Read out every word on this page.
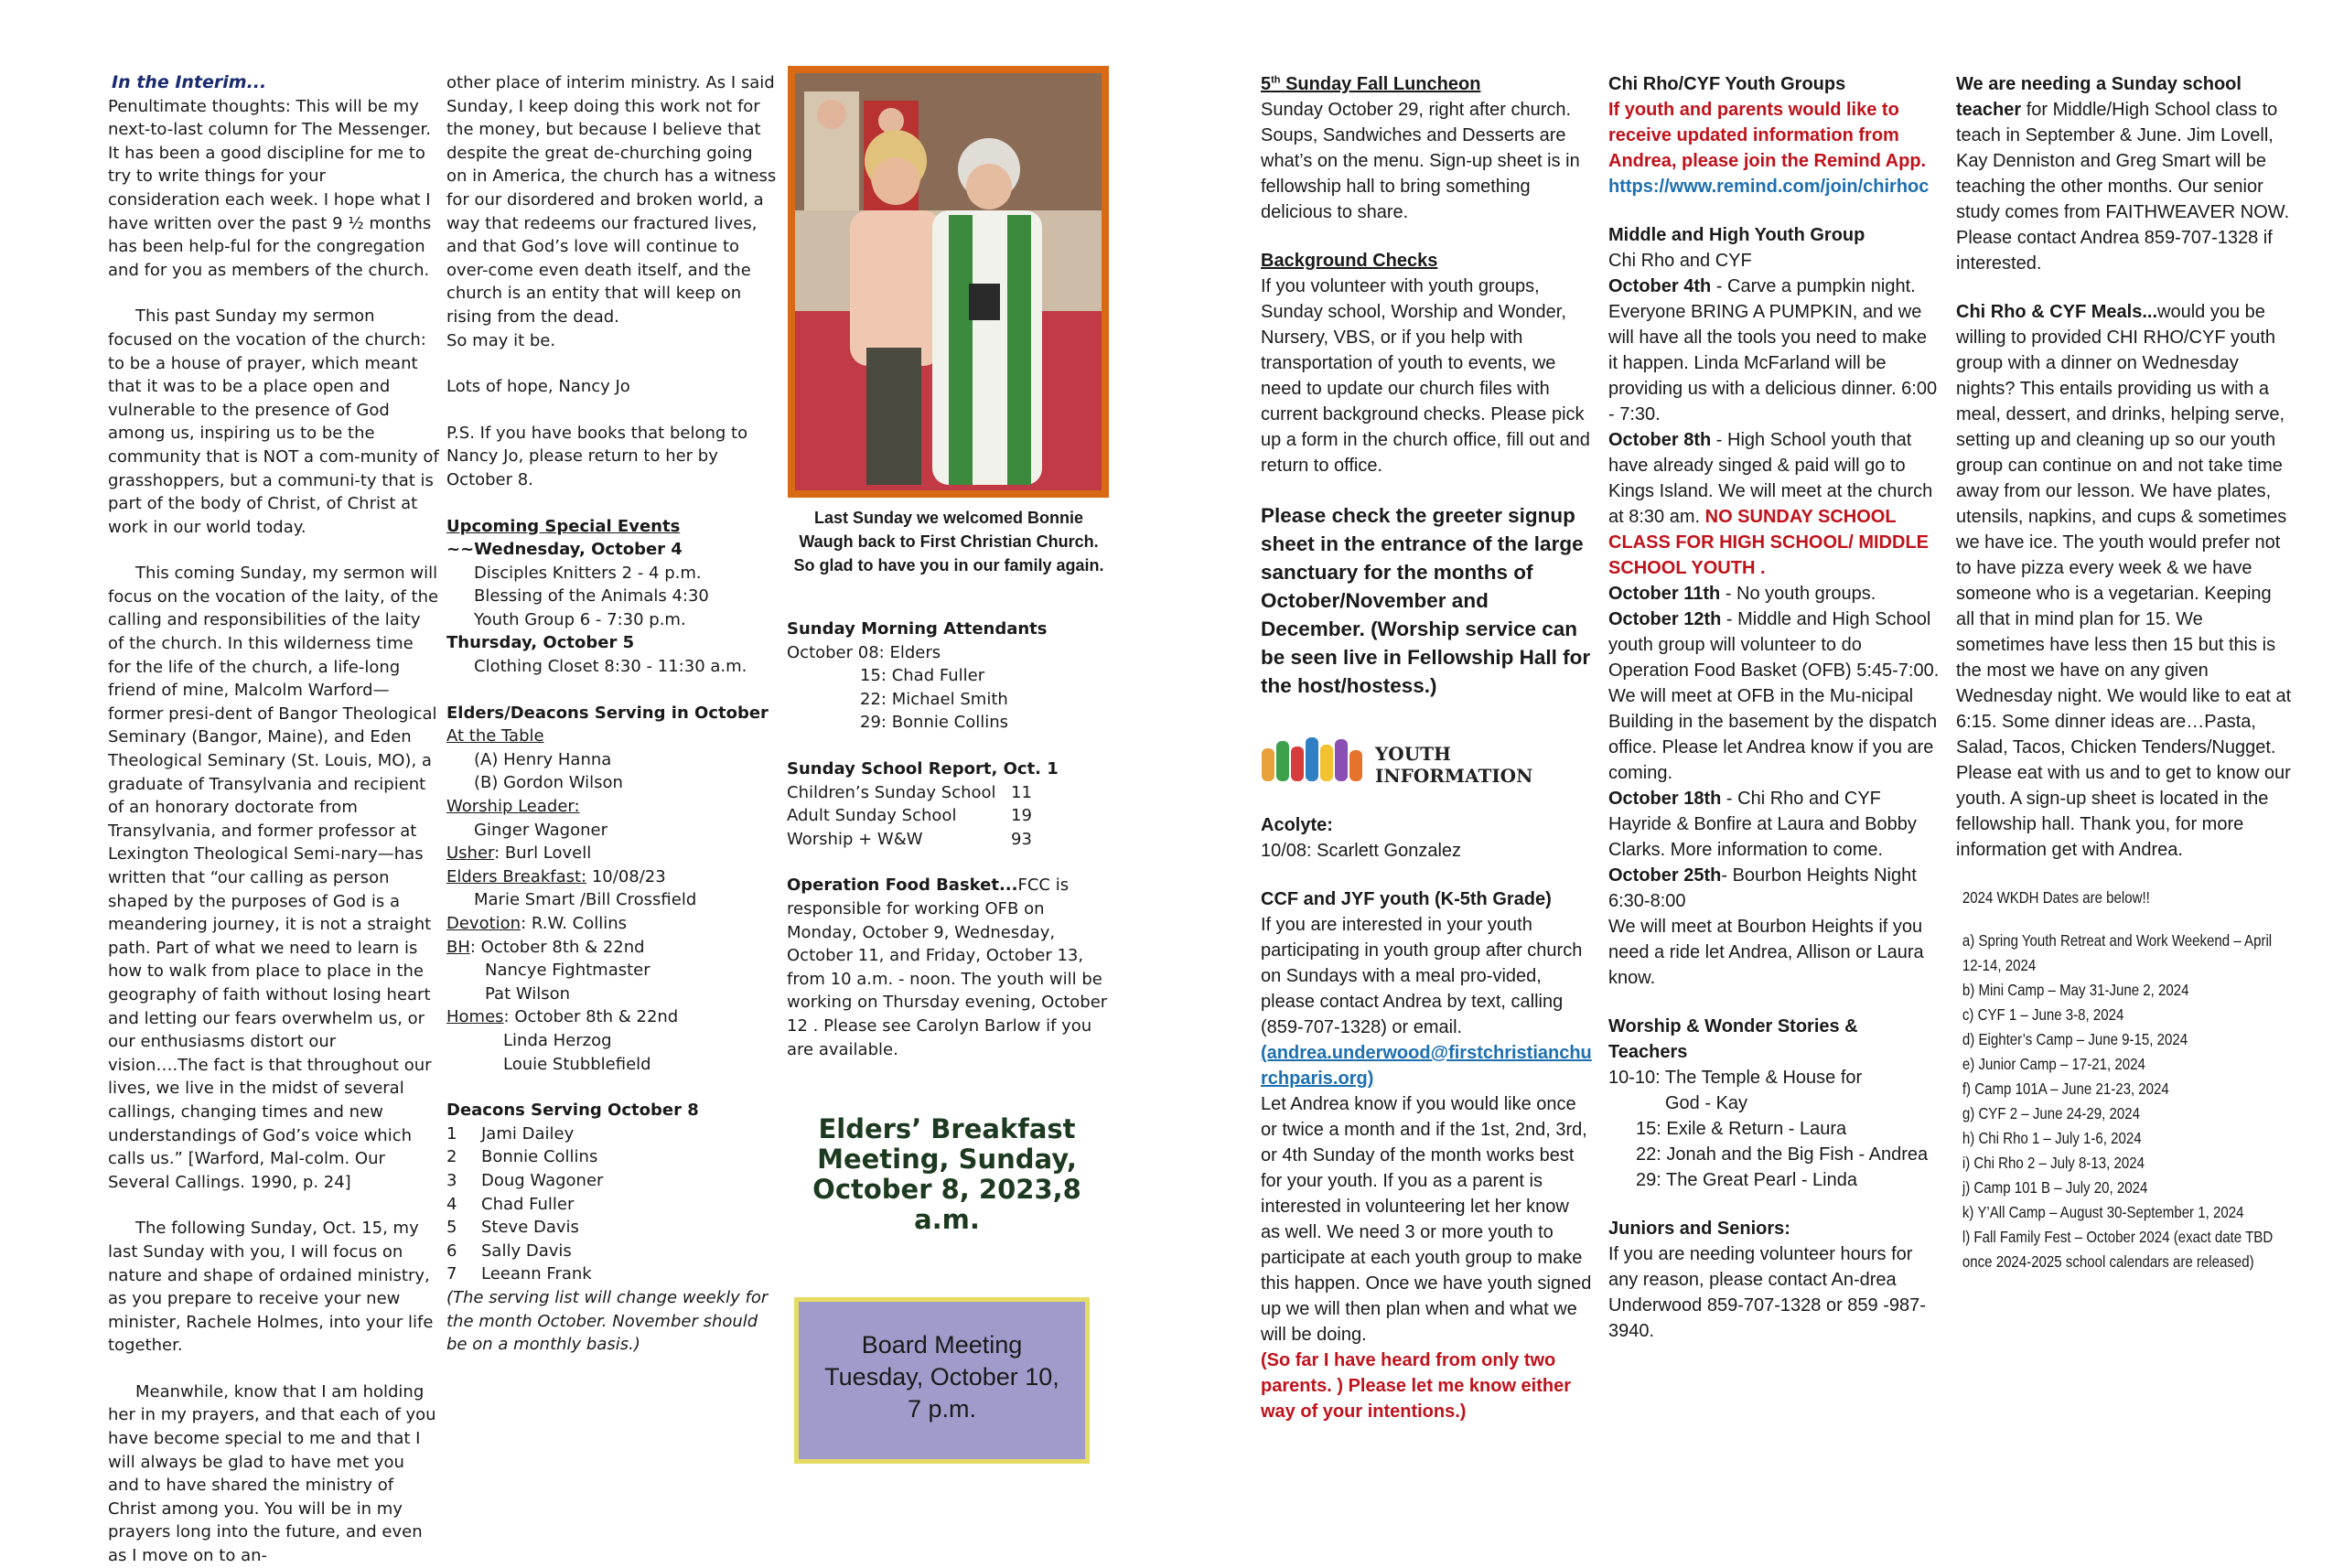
In the Interim...

Penultimate thoughts: This will be my next-to-last column for The Messenger. It has been a good discipline for me to try to write things for your consideration each week. I hope what I have written over the past 9 ½ months has been help-ful for the congregation and for you as members of the church.

This past Sunday my sermon focused on the vocation of the church: to be a house of prayer, which meant that it was to be a place open and vulnerable to the presence of God among us, inspiring us to be the community that is NOT a com-munity of grasshoppers, but a communi-ty that is part of the body of Christ, of Christ at work in our world today.

This coming Sunday, my sermon will focus on the vocation of the laity, of the calling and responsibilities of the laity of the church. In this wilderness time for the life of the church, a life-long friend of mine, Malcolm Warford—former presi-dent of Bangor Theological Seminary (Bangor, Maine), and Eden Theological Seminary (St. Louis, MO), a graduate of Transylvania and recipient of an honorary doctorate from Transylvania, and former professor at Lexington Theological Semi-nary—has written that “our calling as person shaped by the purposes of God is a meandering journey, it is not a straight path. Part of what we need to learn is how to walk from place to place in the geography of faith without losing heart and letting our fears overwhelm us, or our enthusiasms distort our vision….The fact is that throughout our lives, we live in the midst of several callings, changing times and new understandings of God’s voice which calls us.” [Warford, Mal-colm. Our Several Callings. 1990, p. 24]

The following Sunday, Oct. 15, my last Sunday with you, I will focus on nature and shape of ordained ministry, as you prepare to receive your new minister, Rachele Holmes, into your life together.

Meanwhile, know that I am holding her in my prayers, and that each of you have become special to me and that I will always be glad to have met you and to have shared the ministry of Christ among you. You will be in my prayers long into the future, and even as I move on to an-

other place of interim ministry. As I said Sunday, I keep doing this work not for the money, but because I believe that despite the great de-churching going on in America, the church has a witness for our disordered and broken world, a way that redeems our fractured lives, and that God’s love will continue to over-come even death itself, and the church is an entity that will keep on rising from the dead.

So may it be.

Lots of hope, Nancy Jo

P.S. If you have books that belong to Nancy Jo, please return to her by October 8.

Upcoming Special Events

~~Wednesday, October 4

Disciples Knitters 2 - 4 p.m.

Blessing of the Animals 4:30

Youth Group 6 - 7:30 p.m.

Thursday, October 5

Clothing Closet 8:30 - 11:30 a.m.

Elders/Deacons Serving in October

At the Table

(A) Henry Hanna

(B) Gordon Wilson

Worship Leader:

Ginger Wagoner

Usher: Burl Lovell

Elders Breakfast: 10/08/23

Marie Smart /Bill Crossfield

Devotion: R.W. Collins

BH: October 8th & 22nd

Nancye Fightmaster

Pat Wilson

Homes: October 8th & 22nd

Linda Herzog

Louie Stubblefield

Deacons Serving October 8

1 Jami Dailey

2 Bonnie Collins

3 Doug Wagoner

4 Chad Fuller

5 Steve Davis

6 Sally Davis

7 Leeann Frank

(The serving list will change weekly for the month October. November should be on a monthly basis.)

Last Sunday we welcomed Bonnie Waugh back to First Christian Church. So glad to have you in our family again.

Sunday Morning Attendants

October 08: Elders

15: Chad Fuller

22: Michael Smith

29: Bonnie Collins

Sunday School Report, Oct. 1

Children’s Sunday School 11

Adult Sunday School	19

Worship + W&W	93

Operation Food Basket...FCC is responsible for working OFB on Monday, October 9, Wednesday, October 11, and Friday, October 13, from 10 a.m. - noon. The youth will be working on Thursday evening, October 12 . Please see Carolyn Barlow if you are available.

Elders’ Breakfast Meeting, Sunday, October 8, 2023,8 a.m.
Board Meeting
Tuesday, October 10,
7 p.m.

5th Sunday Fall Luncheon

Sunday October 29, right after church. Soups, Sandwiches and Desserts are what’s on the menu. Sign-up sheet is in fellowship hall to bring something delicious to share.

Background Checks

If you volunteer with youth groups, Sunday school, Worship and Wonder, Nursery, VBS, or if you help with transportation of youth to events, we need to update our church files with current background checks. Please pick up a form in the church office, fill out and return to office.

Please check the greeter signup sheet in the entrance of the large sanctuary for the months of October/November and December. (Worship service can be seen live in Fellowship Hall for the host/hostess.)

YOUTH INFORMATION

Acolyte:

10/08: Scarlett Gonzalez

CCF and JYF youth (K-5th Grade)

If you are interested in your youth participating in youth group after church on Sundays with a meal pro-vided, please contact Andrea by text, calling (859-707-1328) or email.

(andrea.underwood@firstchristianchurchparis.org)

Let Andrea know if you would like once or twice a month and if the 1st, 2nd, 3rd, or 4th Sunday of the month works best for your youth. If you as a parent is interested in volunteering let her know as well. We need 3 or more youth to participate at each youth group to make this happen. Once we have youth signed up we will then plan when and what we will be doing.

(So far I have heard from only two parents. ) Please let me know either way of your intentions.)

Chi Rho/CYF Youth Groups

If youth and parents would like to receive updated information from Andrea, please join the Remind App.

https://www.remind.com/join/chirhoc

Middle and High Youth Group

Chi Rho and CYF

October 4th - Carve a pumpkin night. Everyone BRING A PUMPKIN, and we will have all the tools you need to make it happen. Linda McFarland will be providing us with a delicious dinner. 6:00 - 7:30.

October 8th - High School youth that have already singed & paid will go to Kings Island. We will meet at the church at 8:30 am. NO SUNDAY SCHOOL CLASS FOR HIGH SCHOOL/ MIDDLE SCHOOL YOUTH .

October 11th - No youth groups.

October 12th - Middle and High School youth group will volunteer to do Operation Food Basket (OFB) 5:45-7:00. We will meet at OFB in the Mu-nicipal Building in the basement by the dispatch office. Please let Andrea know if you are coming.

October 18th - Chi Rho and CYF Hayride & Bonfire at Laura and Bobby Clarks. More information to come.

October 25th- Bourbon Heights Night 6:30-8:00

We will meet at Bourbon Heights if you need a ride let Andrea, Allison or Laura know.

Worship & Wonder Stories & Teachers

10-10: The Temple & House for

God - Kay

15: Exile & Return - Laura

22: Jonah and the Big Fish - Andrea

29: The Great Pearl - Linda

Juniors and Seniors:

If you are needing volunteer hours for any reason, please contact An-drea Underwood 859-707-1328 or 859 -987-3940.

We are needing a Sunday school teacher for Middle/High School class to teach in September & June. Jim Lovell, Kay Denniston and Greg Smart will be teaching the other months. Our senior study comes from FAITHWEAVER NOW. Please contact Andrea 859-707-1328 if interested.

Chi Rho & CYF Meals...would you be willing to provided CHI RHO/CYF youth group with a dinner on Wednesday nights? This entails providing us with a meal, dessert, and drinks, helping serve, setting up and cleaning up so our youth group can continue on and not take time away from our lesson. We have plates, utensils, napkins, and cups & sometimes we have ice. The youth would prefer not to have pizza every week & we have someone who is a vegetarian. Keeping all that in mind plan for 15. We sometimes have less then 15 but this is the most we have on any given Wednesday night. We would like to eat at 6:15. Some dinner ideas are…Pasta, Salad, Tacos, Chicken Tenders/Nugget. Please eat with us and to get to know our youth. A sign-up sheet is located in the fellowship hall. Thank you, for more information get with Andrea.

2024 WKDH Dates are below!!

a) Spring Youth Retreat and Work Weekend – April 12-14, 2024

b) Mini Camp – May 31-June 2, 2024

c) CYF 1 – June 3-8, 2024

d) Eighter’s Camp – June 9-15, 2024

e) Junior Camp – 17-21, 2024

f) Camp 101A – June 21-23, 2024

g) CYF 2 – June 24-29, 2024

h) Chi Rho 1 – July 1-6, 2024

i) Chi Rho 2 – July 8-13, 2024

j) Camp 101 B – July 20, 2024

k) Y’All Camp – August 30-September 1, 2024

l) Fall Family Fest – October 2024 (exact date TBD once 2024-2025 school calendars are released)
